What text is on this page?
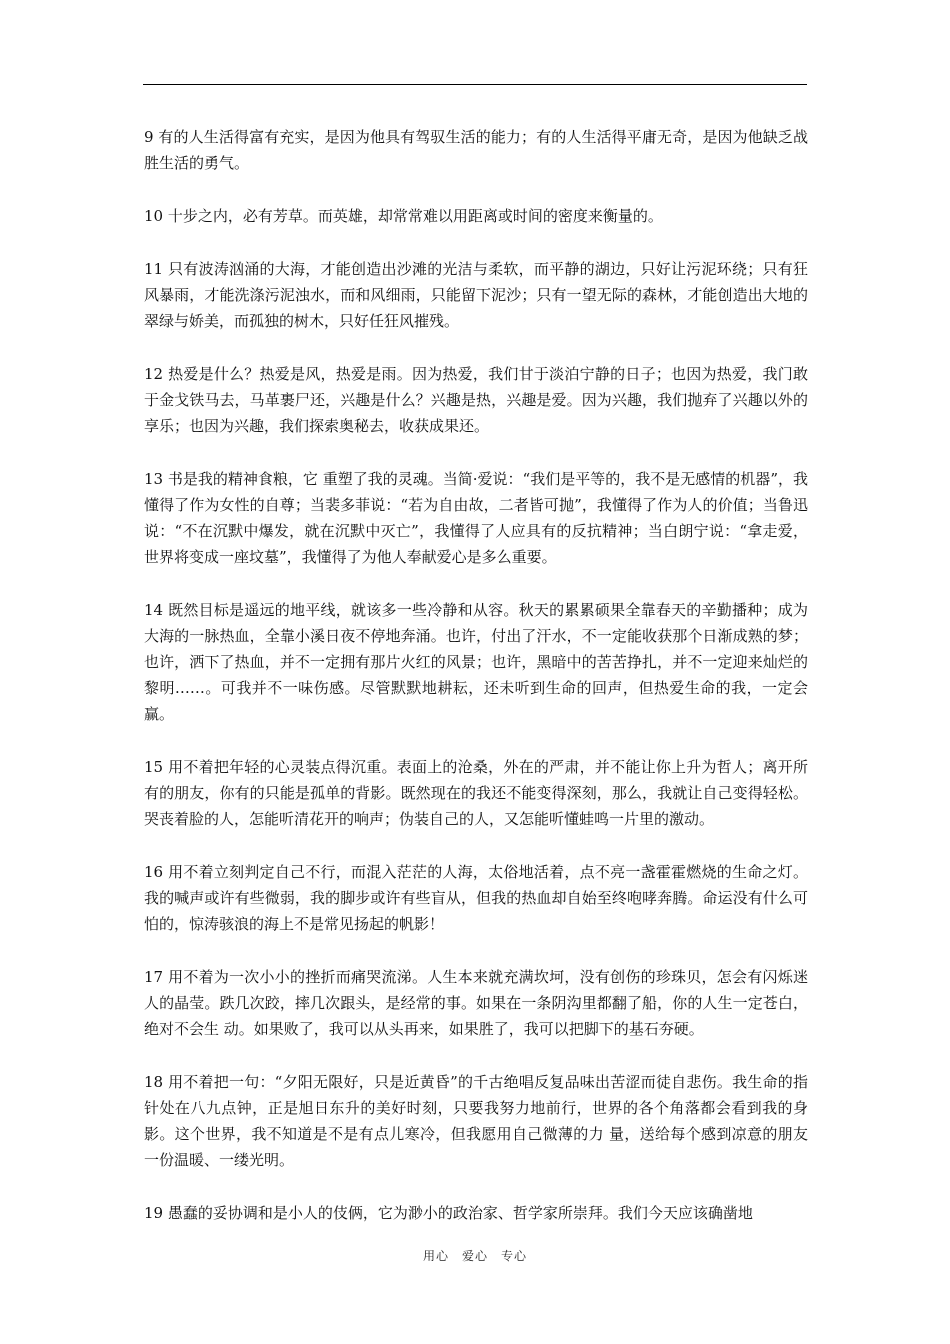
9 有的人生活得富有充实，是因为他具有驾驭生活的能力；有的人生活得平庸无奇，是因为他缺乏战胜生活的勇气。

10 十步之内，必有芳草。而英雄，却常常难以用距离或时间的密度来衡量的。

11 只有波涛汹涌的大海，才能创造出沙滩的光洁与柔软，而平静的湖边，只好让污泥环绕；只有狂风暴雨，才能洗涤污泥浊水，而和风细雨，只能留下泥沙；只有一望无际的森林，才能创造出大地的翠绿与娇美，而孤独的树木，只好任狂风摧残。

12 热爱是什么？热爱是风，热爱是雨。因为热爱，我们甘于淡泊宁静的日子；也因为热爱，我门敢于金戈铁马去，马革裹尸还，兴趣是什么？兴趣是热，兴趣是爱。因为兴趣，我们抛弃了兴趣以外的享乐；也因为兴趣，我们探索奥秘去，收获成果还。

13 书是我的精神食粮，它 重塑了我的灵魂。当简·爱说：“我们是平等的，我不是无感情的机器”，我懂得了作为女性的自尊；当裴多菲说：“若为自由故，二者皆可抛”，我懂得了作为人的价值；当鲁迅说：“不在沉默中爆发，就在沉默中灭亡”，我懂得了人应具有的反抗精神；当白朗宁说：“拿走爱，世界将变成一座坟墓”，我懂得了为他人奉献爱心是多么重要。

14 既然目标是遥远的地平线，就该多一些冷静和从容。秋天的累累硕果全靠春天的辛勤播种；成为大海的一脉热血，全靠小溪日夜不停地奔涌。也许，付出了汗水，不一定能收获那个日渐成熟的梦；也许，洒下了热血，并不一定拥有那片火红的风景；也许，黑暗中的苦苦挣扎，并不一定迎来灿烂的黎明……。可我并不一味伤感。尽管默默地耕耘，还未听到生命的回声，但热爱生命的我，一定会赢。

15 用不着把年轻的心灵装点得沉重。表面上的沧桑，外在的严肃，并不能让你上升为哲人；离开所有的朋友，你有的只能是孤单的背影。既然现在的我还不能变得深刻，那么，我就让自己变得轻松。哭丧着脸的人，怎能听清花开的响声；伪装自己的人，又怎能听懂蛙鸣一片里的激动。

16 用不着立刻判定自己不行，而混入茫茫的人海，太俗地活着，点不亮一盏霍霍燃烧的生命之灯。我的喊声或许有些微弱，我的脚步或许有些盲从，但我的热血却自始至终咆哮奔腾。命运没有什么可怕的，惊涛骇浪的海上不是常见扬起的帆影！

17 用不着为一次小小的挫折而痛哭流涕。人生本来就充满坎坷，没有创伤的珍珠贝，怎会有闪烁迷人的晶莹。跌几次跤，摔几次跟头，是经常的事。如果在一条阴沟里都翻了船，你的人生一定苍白，绝对不会生 动。如果败了，我可以从头再来，如果胜了，我可以把脚下的基石夯硬。

18 用不着把一句：“夕阳无限好，只是近黄昏”的千古绝唱反复品味出苦涩而徒自悲伤。我生命的指针处在八九点钟，正是旭日东升的美好时刻，只要我努力地前行，世界的各个角落都会看到我的身影。这个世界，我不知道是不是有点儿寒冷，但我愿用自己微薄的力 量，送给每个感到凉意的朋友一份温暖、一缕光明。

19 愚蠢的妥协调和是小人的伎俩，它为渺小的政治家、哲学家所崇拜。我们今天应该确凿地

用心　爱心　专心
